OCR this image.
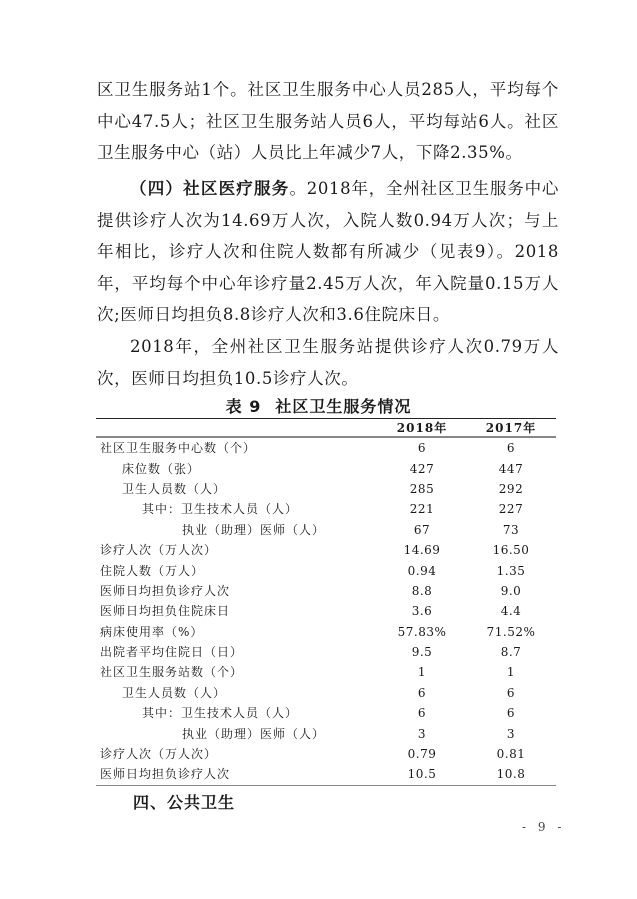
区卫生服务站1个。社区卫生服务中心人员285人，平均每个中心47.5人；社区卫生服务站人员6人，平均每站6人。社区卫生服务中心（站）人员比上年减少7人，下降2.35%。

（四）社区医疗服务。2018年，全州社区卫生服务中心提供诊疗人次为14.69万人次，入院人数0.94万人次；与上年相比，诊疗人次和住院人数都有所减少（见表9）。2018年，平均每个中心年诊疗量2.45万人次，年入院量0.15万人次;医师日均担负8.8诊疗人次和3.6住院床日。

2018年，全州社区卫生服务站提供诊疗人次0.79万人次，医师日均担负10.5诊疗人次。

表 9 社区卫生服务情况
	2018年	2017年
社区卫生服务中心数（个）	6	6
床位数（张）	427	447
卫生人员数（人）	285	292
其中：卫生技术人员（人）	221	227
执业（助理）医师（人）	67	73
诊疗人次（万人次）	14.69	16.50
住院人数（万人）	0.94	1.35
医师日均担负诊疗人次	8.8	9.0
医师日均担负住院床日	3.6	4.4
病床使用率（%）	57.83%	71.52%
出院者平均住院日（日）	9.5	8.7
社区卫生服务站数（个）	1	1
卫生人员数（人）	6	6
其中：卫生技术人员（人）	6	6
执业（助理）医师（人）	3	3
诊疗人次（万人次）	0.79	0.81
医师日均担负诊疗人次	10.5	10.8
四、公共卫生
- 9 -
